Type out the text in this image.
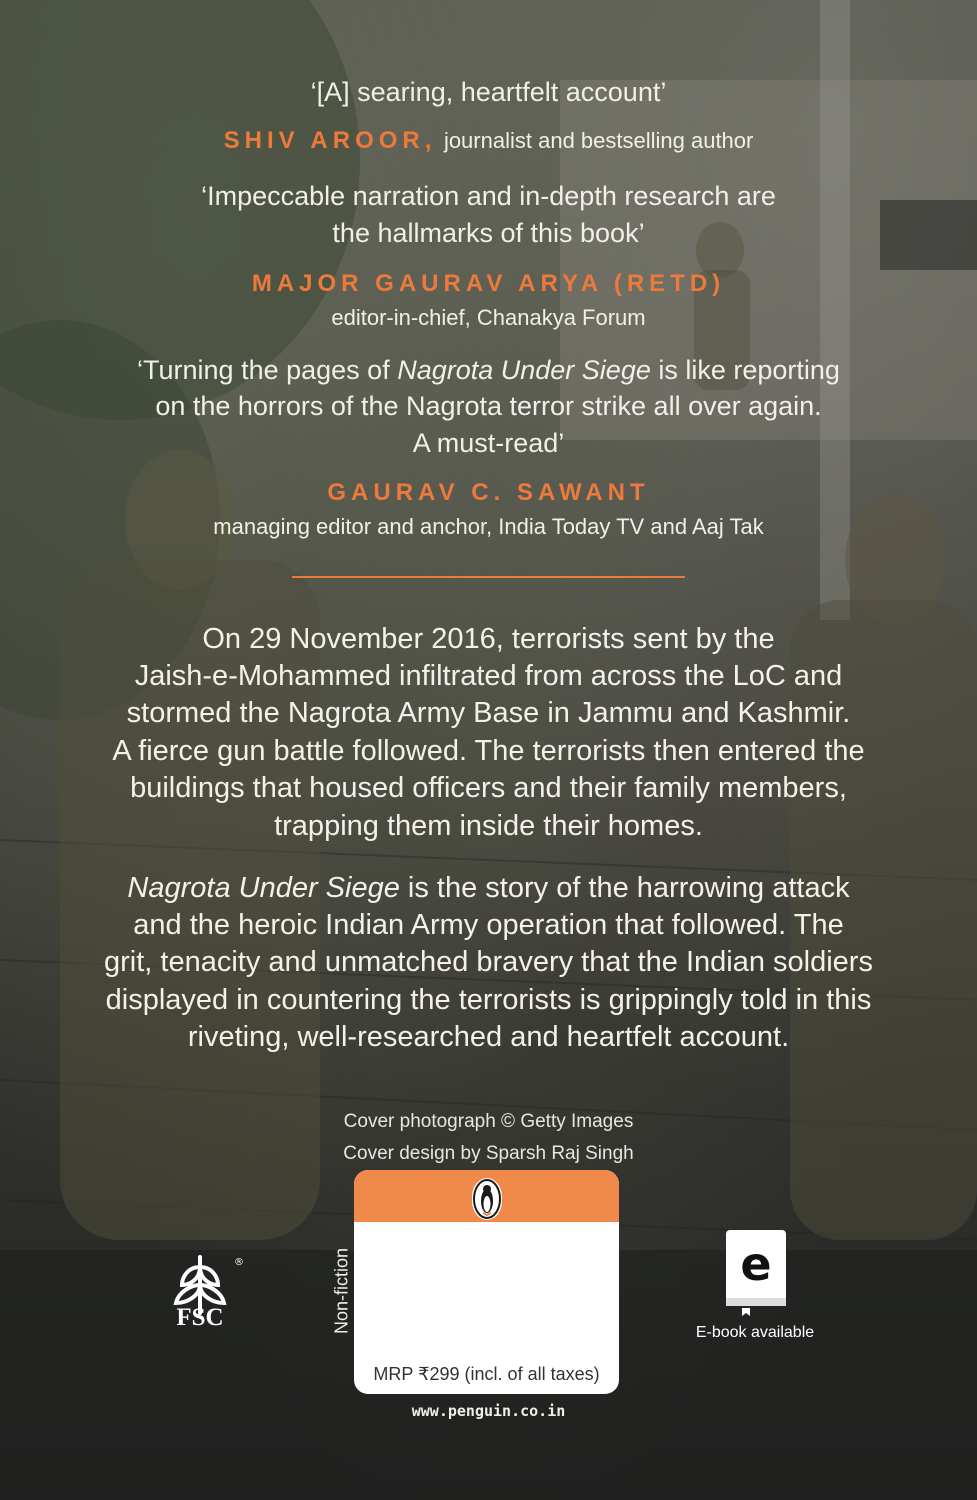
‘[A] searing, heartfelt account’
SHIV AROOR, journalist and bestselling author
‘Impeccable narration and in-depth research are
the hallmarks of this book’
MAJOR GAURAV ARYA (RETD)
editor-in-chief, Chanakya Forum
‘Turning the pages of Nagrota Under Siege is like reporting
on the horrors of the Nagrota terror strike all over again.
A must-read’
GAURAV C. SAWANT
managing editor and anchor, India Today TV and Aaj Tak
On 29 November 2016, terrorists sent by the
Jaish-e-Mohammed infiltrated from across the LoC and
stormed the Nagrota Army Base in Jammu and Kashmir.
A fierce gun battle followed. The terrorists then entered the
buildings that housed officers and their family members,
trapping them inside their homes.
Nagrota Under Siege is the story of the harrowing attack
and the heroic Indian Army operation that followed. The
grit, tenacity and unmatched bravery that the Indian soldiers
displayed in countering the terrorists is grippingly told in this
riveting, well-researched and heartfelt account.
Cover photograph © Getty Images
Cover design by Sparsh Raj Singh
®
FSC	Non-fiction
MRP ₹299 (incl. of all taxes)
www.penguin.co.in
e
E-book available
